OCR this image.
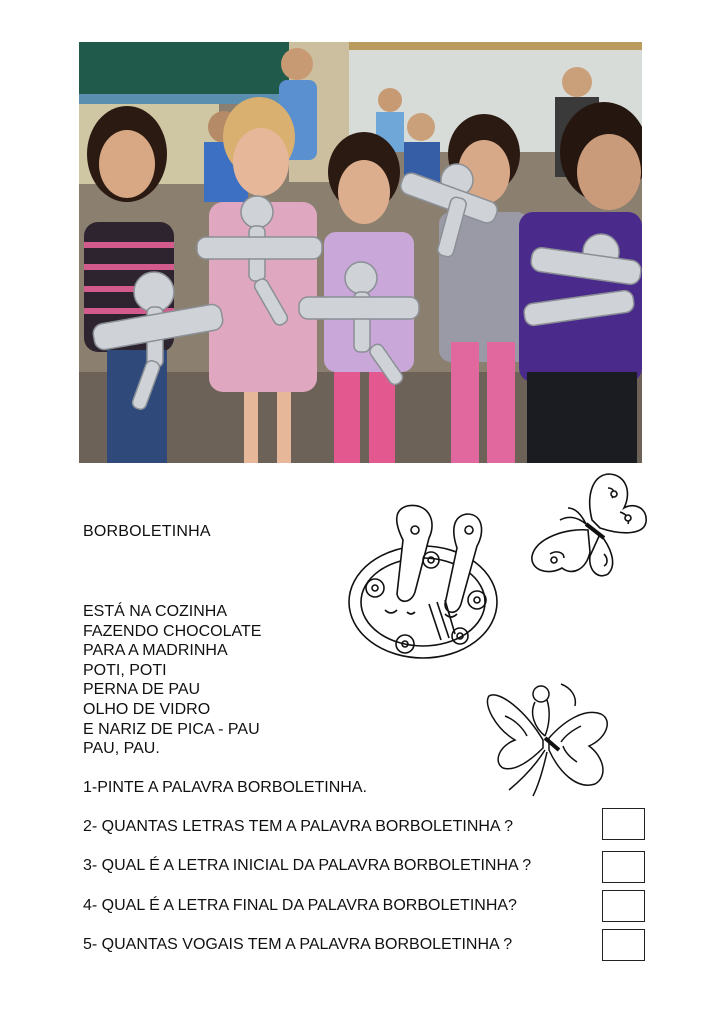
BORBOLETINHA
ESTÁ NA COZINHA
FAZENDO CHOCOLATE
PARA A MADRINHA
POTI, POTI
PERNA DE PAU
OLHO DE VIDRO
E NARIZ DE PICA - PAU
PAU, PAU.
1-PINTE A PALAVRA BORBOLETINHA.
2- QUANTAS LETRAS TEM A PALAVRA BORBOLETINHA ?
3- QUAL É A LETRA INICIAL DA PALAVRA BORBOLETINHA ?
4- QUAL É A LETRA FINAL DA PALAVRA BORBOLETINHA?
5- QUANTAS VOGAIS TEM A PALAVRA BORBOLETINHA ?
